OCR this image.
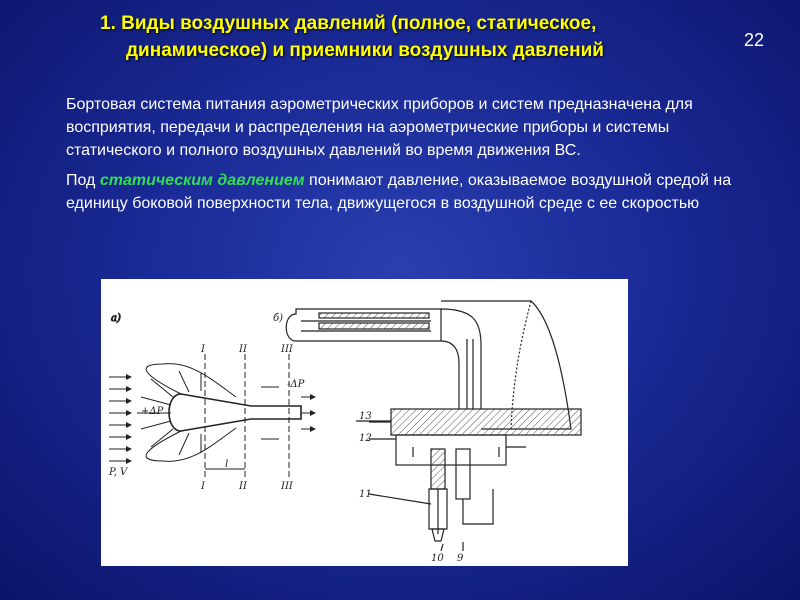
1. Виды воздушных давлений (полное, статическое,
динамическое) и приемники воздушных давлений	22

Бортовая система питания аэрометрических приборов и систем предназначена для восприятия, передачи и распределения на аэрометрические приборы и системы статического и полного воздушных давлений во время движения ВС.

Под статическим давлением понимают давление, оказываемое воздушной средой на единицу боковой поверхности тела, движущегося в воздушной среде с ее скоростью

а)
l
I	II	III
I	II	III
+ΔP
-ΔP
P, V
б)
13
12
11
10 9
